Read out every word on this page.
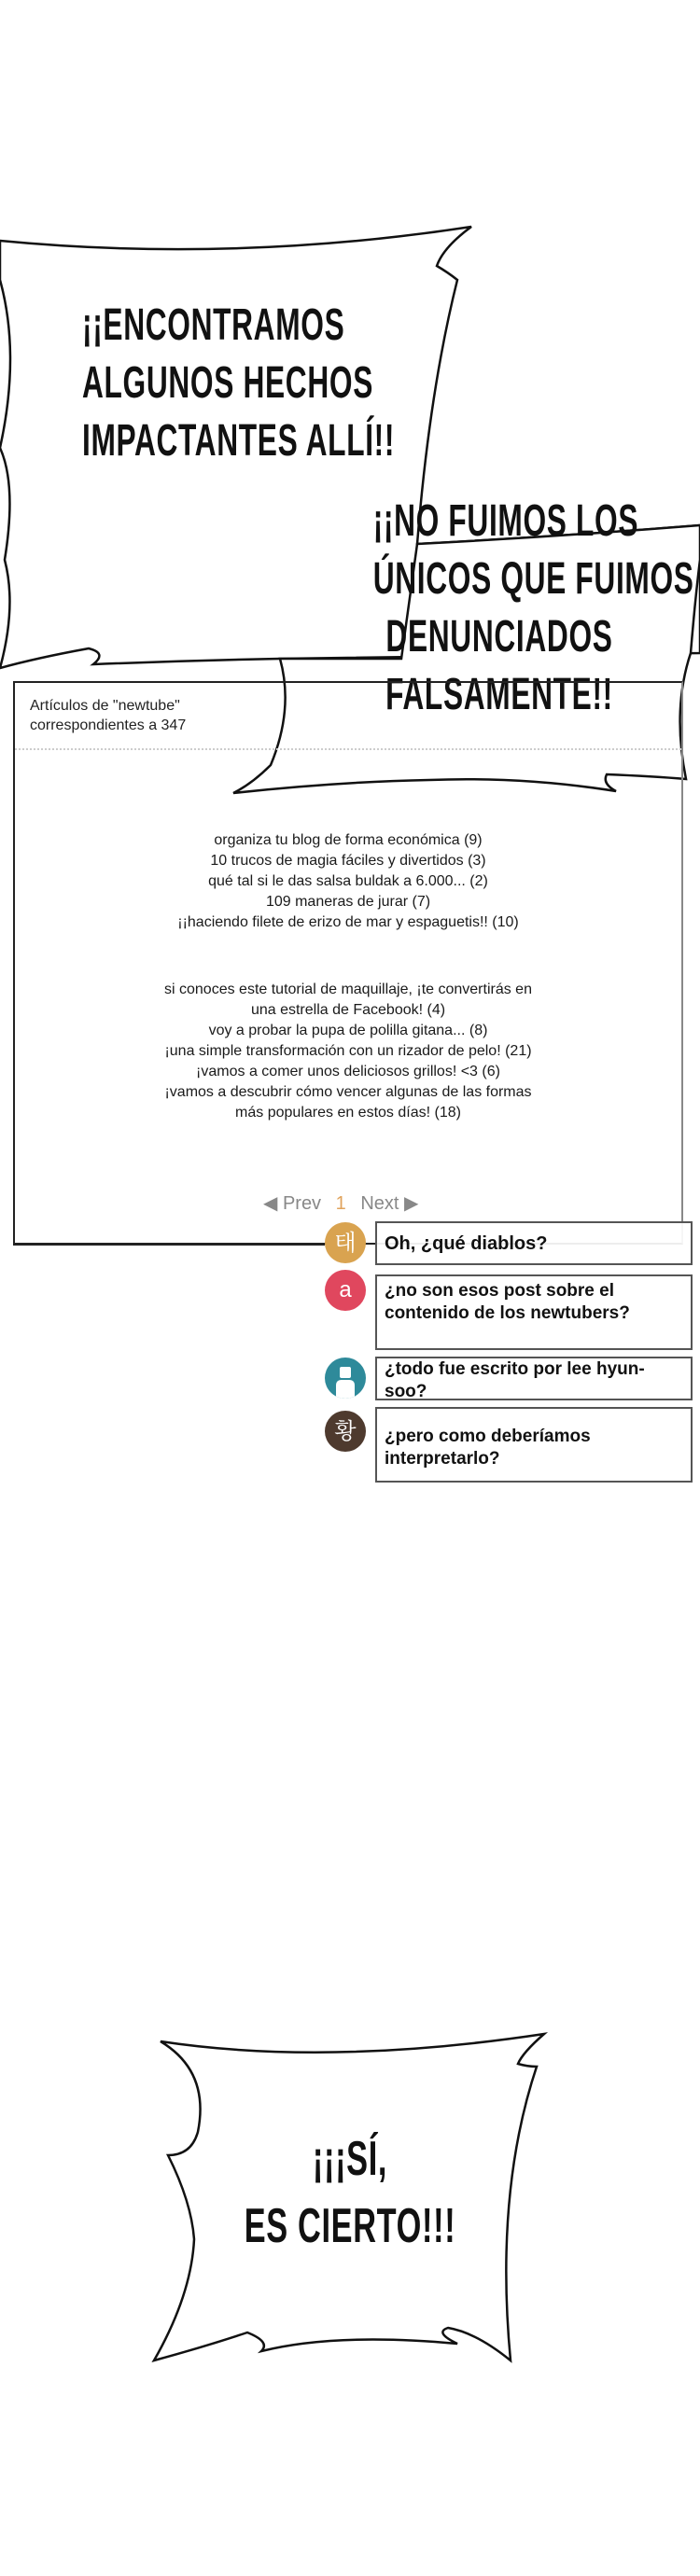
¡¡ENCONTRAMOS
ALGUNOS HECHOS
IMPACTANTES ALLÍ!!
¡¡NO FUIMOS LOS
ÚNICOS QUE FUIMOS
DENUNCIADOS
FALSAMENTE!!
Artículos de "newtube"
correspondientes a 347
organiza tu blog de forma económica (9)
10 trucos de magia fáciles y divertidos (3)
qué tal si le das salsa buldak a 6.000... (2)
109 maneras de jurar (7)
¡¡haciendo filete de erizo de mar y espaguetis!! (10)
si conoces este tutorial de maquillaje, ¡te convertirás en
una estrella de Facebook! (4)
voy a probar la pupa de polilla gitana... (8)
¡una simple transformación con un rizador de pelo! (21)
¡vamos a comer unos deliciosos grillos! <3 (6)
¡vamos a descubrir cómo vencer algunas de las formas
más populares en estos días! (18)
◀ Prev 1 Next ▶
태	Oh, ¿qué diablos?
a	¿no son esos post sobre el contenido de los newtubers?
¿todo fue escrito por lee hyun-soo?
황	¿pero como deberíamos interpretarlo?
¡¡¡SÍ,
ES CIERTO!!!
